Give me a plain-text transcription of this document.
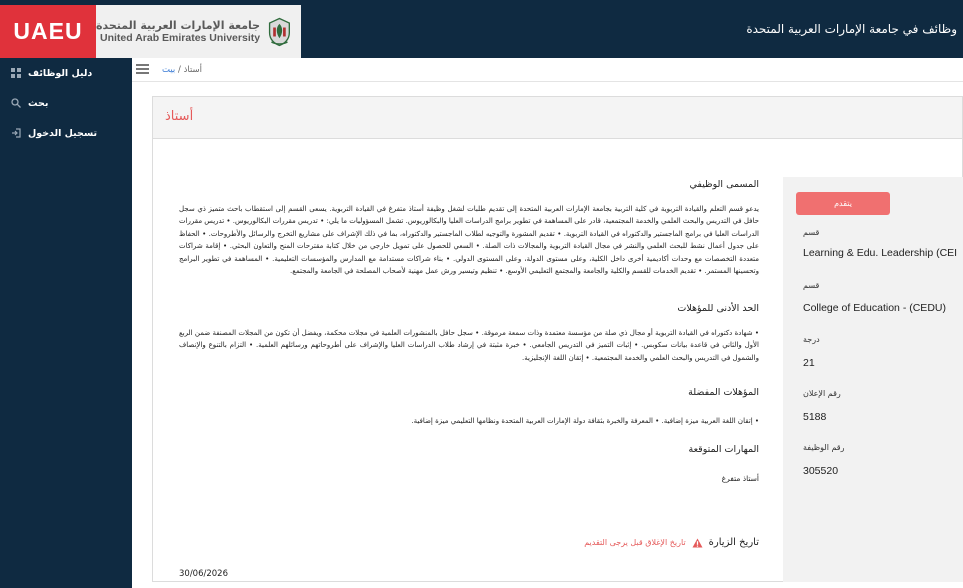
UAEU	جامعة الإمارات العربية المتحدة
United Arab Emirates University
وظائف في جامعة الإمارات العربية المتحدة
دليل الوظائف
بحث
تسجيل الدخول
أستاذ / بيت
أستاذ
المسمى الوظيفي
يدعو قسم التعلم والقيادة التربوية في كلية التربية بجامعة الإمارات العربية المتحدة إلى تقديم طلبات لشغل وظيفة أستاذ متفرغ في القيادة التربوية. يسعى القسم إلى استقطاب باحث متميز ذي سجل حافل في التدريس والبحث العلمي والخدمة المجتمعية، قادر على المساهمة في تطوير برامج الدراسات العليا والبكالوريوس. تشمل المسؤوليات ما يلي: • تدريس مقررات البكالوريوس. • تدريس مقررات الدراسات العليا في برامج الماجستير والدكتوراه في القيادة التربوية. • تقديم المشورة والتوجيه لطلاب الماجستير والدكتوراه، بما في ذلك الإشراف على مشاريع التخرج والرسائل والأطروحات. • الحفاظ على جدول أعمال نشط للبحث العلمي والنشر في مجال القيادة التربوية والمجالات ذات الصلة. • السعي للحصول على تمويل خارجي من خلال كتابة مقترحات المنح والتعاون البحثي. • إقامة شراكات متعددة التخصصات مع وحدات أكاديمية أخرى داخل الكلية، وعلى مستوى الدولة، وعلى المستوى الدولي. • بناء شراكات مستدامة مع المدارس والمؤسسات التعليمية. • المساهمة في تطوير البرامج وتحسينها المستمر. • تقديم الخدمات للقسم والكلية والجامعة والمجتمع التعليمي الأوسع. • تنظيم وتيسير ورش عمل مهنية لأصحاب المصلحة في الجامعة والمجتمع.
الحد الأدنى للمؤهلات
• شهادة دكتوراه في القيادة التربوية أو مجال ذي صلة من مؤسسة معتمدة وذات سمعة مرموقة. • سجل حافل بالمنشورات العلمية في مجلات محكمة، ويفضل أن تكون من المجلات المصنفة ضمن الربع الأول والثاني في قاعدة بيانات سكوبس. • إثبات التميز في التدريس الجامعي. • خبرة مثبتة في إرشاد طلاب الدراسات العليا والإشراف على أطروحاتهم ورسائلهم العلمية. • التزام بالتنوع والإنصاف والشمول في التدريس والبحث العلمي والخدمة المجتمعية. • إتقان اللغة الإنجليزية.
المؤهلات المفضلة
• إتقان اللغة العربية ميزة إضافية. • المعرفة والخبرة بثقافة دولة الإمارات العربية المتحدة ونظامها التعليمي ميزة إضافية.
المهارات المتوقعة
أستاذ متفرغ
تاريخ الزيارة
تاريخ الإغلاق قبل يرجى التقديم
30/06/2026
يتقدم
قسم
Learning & Edu. Leadership (CEI
قسم
College of Education - (CEDU)
درجة
21
رقم الإعلان
5188
رقم الوظيفة
305520
